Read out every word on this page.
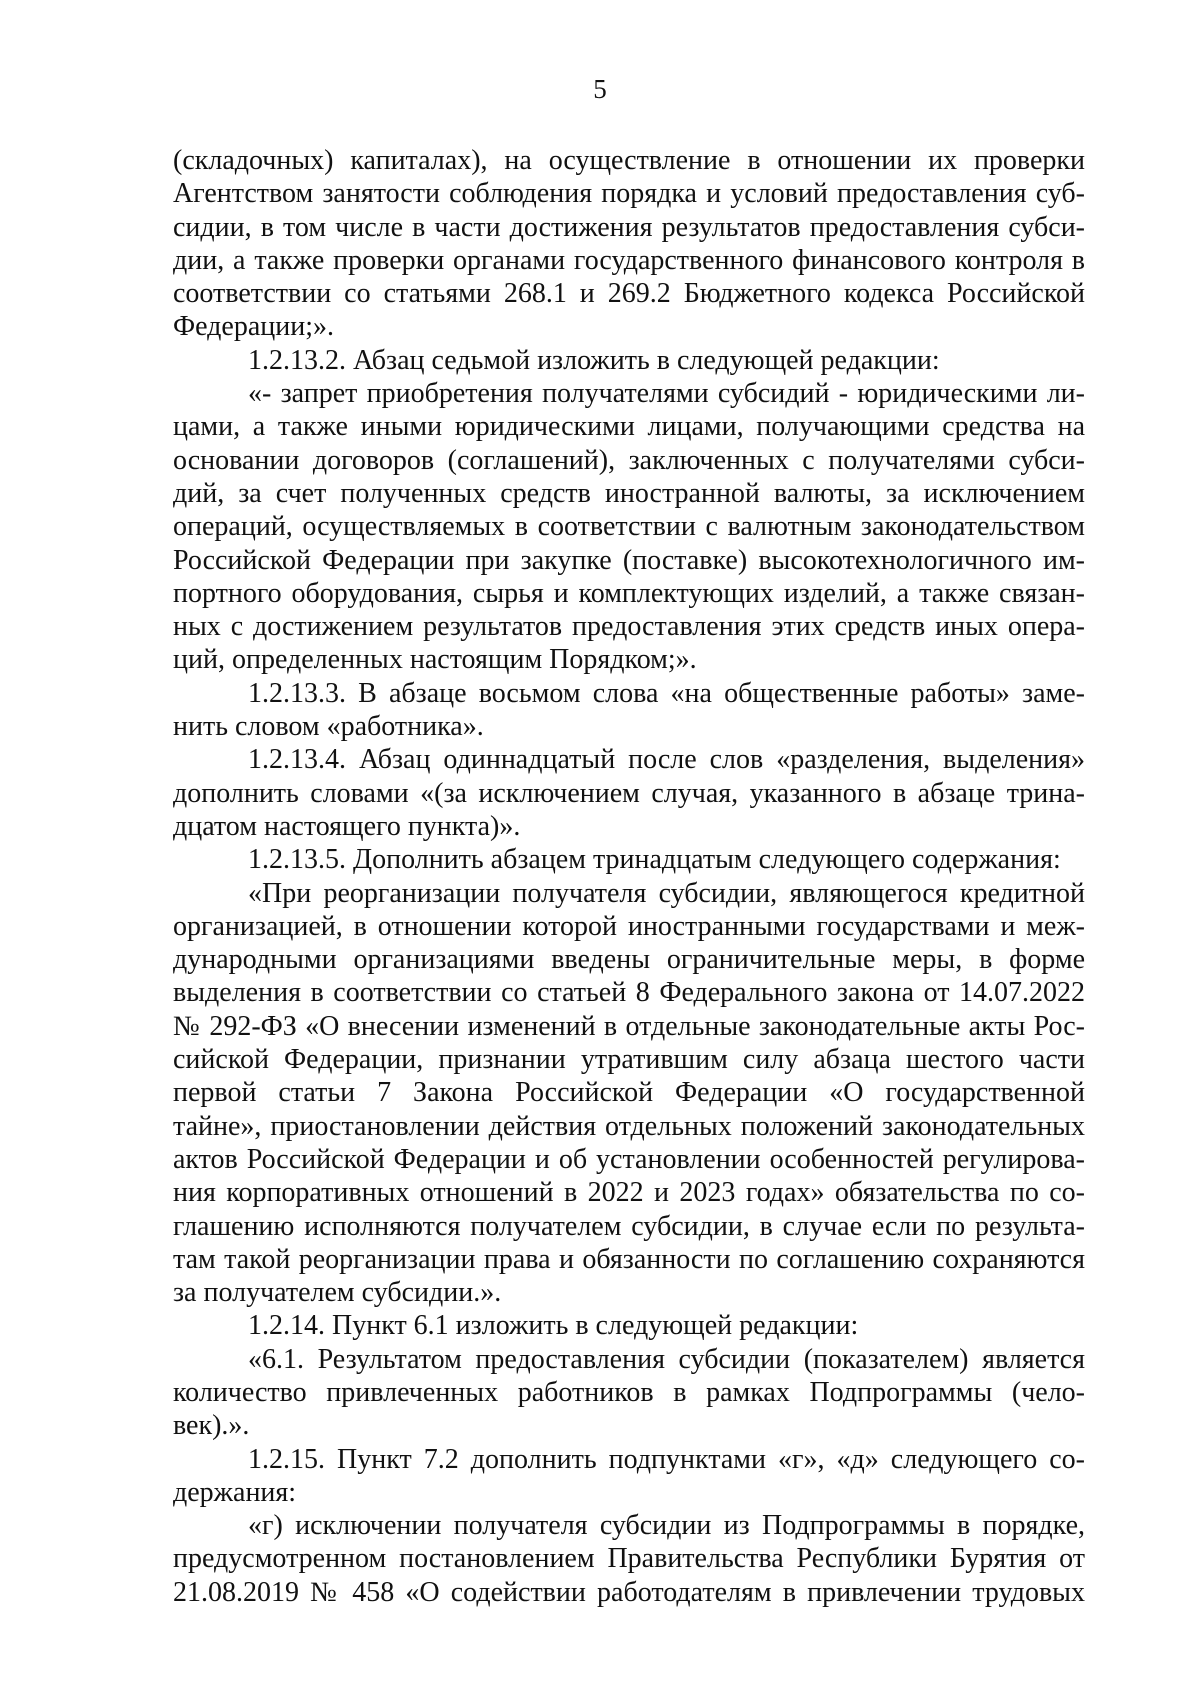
5
(складочных) капиталах), на осуществление в отношении их проверки
Агентством занятости соблюдения порядка и условий предоставления суб-
сидии, в том числе в части достижения результатов предоставления субси-
дии, а также проверки органами государственного финансового контроля в
соответствии со статьями 268.1 и 269.2 Бюджетного кодекса Российской
Федерации;».
1.2.13.2. Абзац седьмой изложить в следующей редакции:
«- запрет приобретения получателями субсидий - юридическими ли-
цами, а также иными юридическими лицами, получающими средства на
основании договоров (соглашений), заключенных с получателями субси-
дий, за счет полученных средств иностранной валюты, за исключением
операций, осуществляемых в соответствии с валютным законодательством
Российской Федерации при закупке (поставке) высокотехнологичного им-
портного оборудования, сырья и комплектующих изделий, а также связан-
ных с достижением результатов предоставления этих средств иных опера-
ций, определенных настоящим Порядком;».
1.2.13.3. В абзаце восьмом слова «на общественные работы» заме-
нить словом «работника».
1.2.13.4. Абзац одиннадцатый после слов «разделения, выделения»
дополнить словами «(за исключением случая, указанного в абзаце трина-
дцатом настоящего пункта)».
1.2.13.5. Дополнить абзацем тринадцатым следующего содержания:
«При реорганизации получателя субсидии, являющегося кредитной
организацией, в отношении которой иностранными государствами и меж-
дународными организациями введены ограничительные меры, в форме
выделения в соответствии со статьей 8 Федерального закона от 14.07.2022
№ 292-ФЗ «О внесении изменений в отдельные законодательные акты Рос-
сийской Федерации, признании утратившим силу абзаца шестого части
первой статьи 7 Закона Российской Федерации «О государственной
тайне», приостановлении действия отдельных положений законодательных
актов Российской Федерации и об установлении особенностей регулирова-
ния корпоративных отношений в 2022 и 2023 годах» обязательства по со-
глашению исполняются получателем субсидии, в случае если по результа-
там такой реорганизации права и обязанности по соглашению сохраняются
за получателем субсидии.».
1.2.14. Пункт 6.1 изложить в следующей редакции:
«6.1. Результатом предоставления субсидии (показателем) является
количество привлеченных работников в рамках Подпрограммы (чело-
век).».
1.2.15. Пункт 7.2 дополнить подпунктами «г», «д» следующего со-
держания:
«г) исключении получателя субсидии из Подпрограммы в порядке,
предусмотренном постановлением Правительства Республики Бурятия от
21.08.2019 № 458 «О содействии работодателям в привлечении трудовых
